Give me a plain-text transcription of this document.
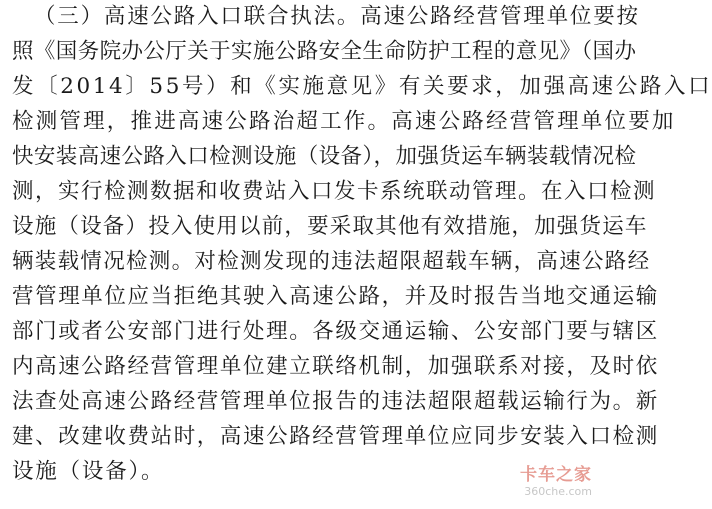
（三）高速公路入口联合执法。高速公路经营管理单位要按
照《国务院办公厅关于实施公路安全生命防护工程的意见》（国办
发〔2014〕55号）和《实施意见》有关要求，加强高速公路入口
检测管理，推进高速公路治超工作。高速公路经营管理单位要加
快安装高速公路入口检测设施（设备），加强货运车辆装载情况检
测，实行检测数据和收费站入口发卡系统联动管理。在入口检测
设施（设备）投入使用以前，要采取其他有效措施，加强货运车
辆装载情况检测。对检测发现的违法超限超载车辆，高速公路经
营管理单位应当拒绝其驶入高速公路，并及时报告当地交通运输
部门或者公安部门进行处理。各级交通运输、公安部门要与辖区
内高速公路经营管理单位建立联络机制，加强联系对接，及时依
法查处高速公路经营管理单位报告的违法超限超载运输行为。新
建、改建收费站时，高速公路经营管理单位应同步安装入口检测
设施（设备）。	卡车之家
360che.com
